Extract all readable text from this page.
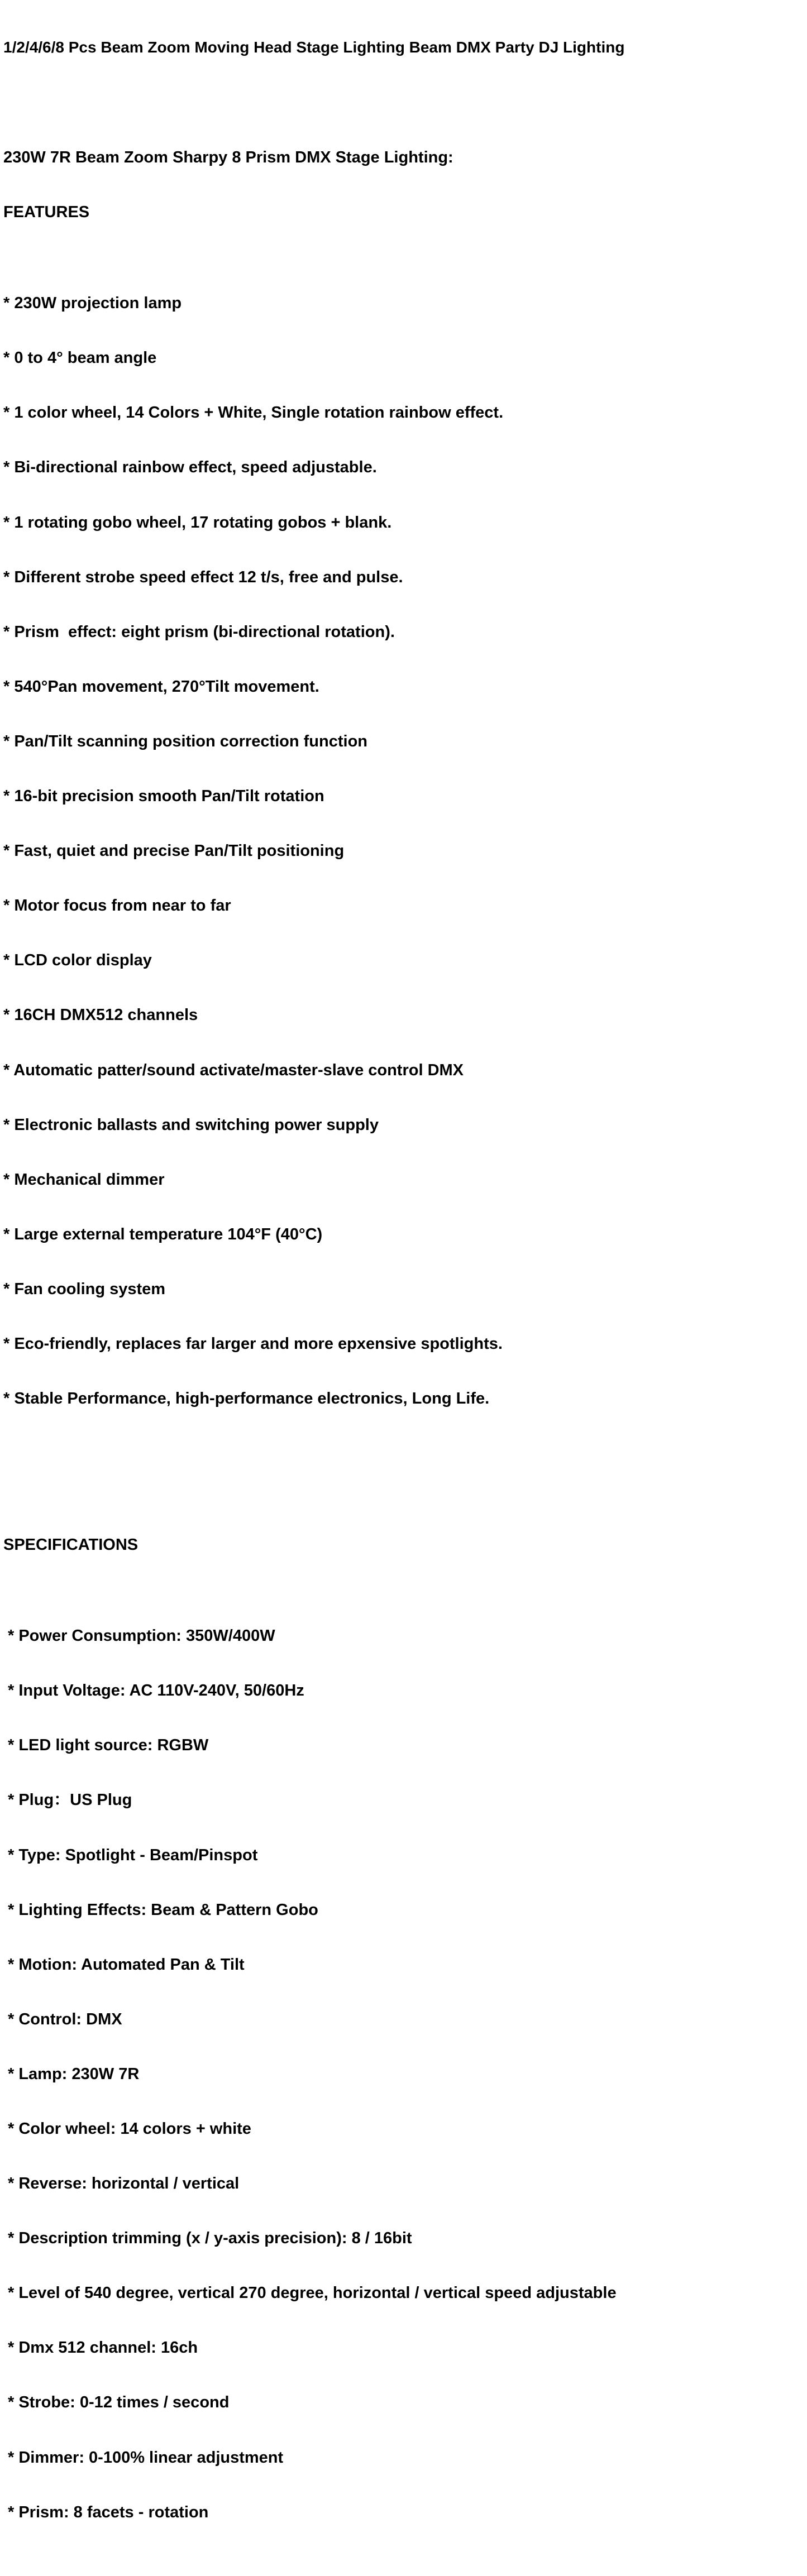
1/2/4/6/8 Pcs Beam Zoom Moving Head Stage Lighting Beam DMX Party DJ Lighting

230W 7R Beam Zoom Sharpy 8 Prism DMX Stage Lighting:

FEATURES

* 230W projection lamp

* 0 to 4° beam angle

* 1 color wheel, 14 Colors + White, Single rotation rainbow effect.

* Bi-directional rainbow effect, speed adjustable.

* 1 rotating gobo wheel, 17 rotating gobos + blank.

* Different strobe speed effect 12 t/s, free and pulse.

* Prism  effect: eight prism (bi-directional rotation).

* 540°Pan movement, 270°Tilt movement.

* Pan/Tilt scanning position correction function

* 16-bit precision smooth Pan/Tilt rotation

* Fast, quiet and precise Pan/Tilt positioning

* Motor focus from near to far

* LCD color display

* 16CH DMX512 channels

* Automatic patter/sound activate/master-slave control DMX

* Electronic ballasts and switching power supply

* Mechanical dimmer

* Large external temperature 104°F (40°C)

* Fan cooling system

* Eco-friendly, replaces far larger and more epxensive spotlights.

* Stable Performance, high-performance electronics, Long Life.

SPECIFICATIONS

* Power Consumption: 350W/400W

* Input Voltage: AC 110V-240V, 50/60Hz

* LED light source: RGBW

* Plug：US Plug

* Type: Spotlight - Beam/Pinspot

* Lighting Effects: Beam & Pattern Gobo

* Motion: Automated Pan & Tilt

* Control: DMX

* Lamp: 230W 7R

* Color wheel: 14 colors + white

* Reverse: horizontal / vertical

* Description trimming (x / y-axis precision): 8 / 16bit

* Level of 540 degree, vertical 270 degree, horizontal / vertical speed adjustable

* Dmx 512 channel: 16ch

* Strobe: 0-12 times / second

* Dimmer: 0-100% linear adjustment

* Prism: 8 facets - rotation
